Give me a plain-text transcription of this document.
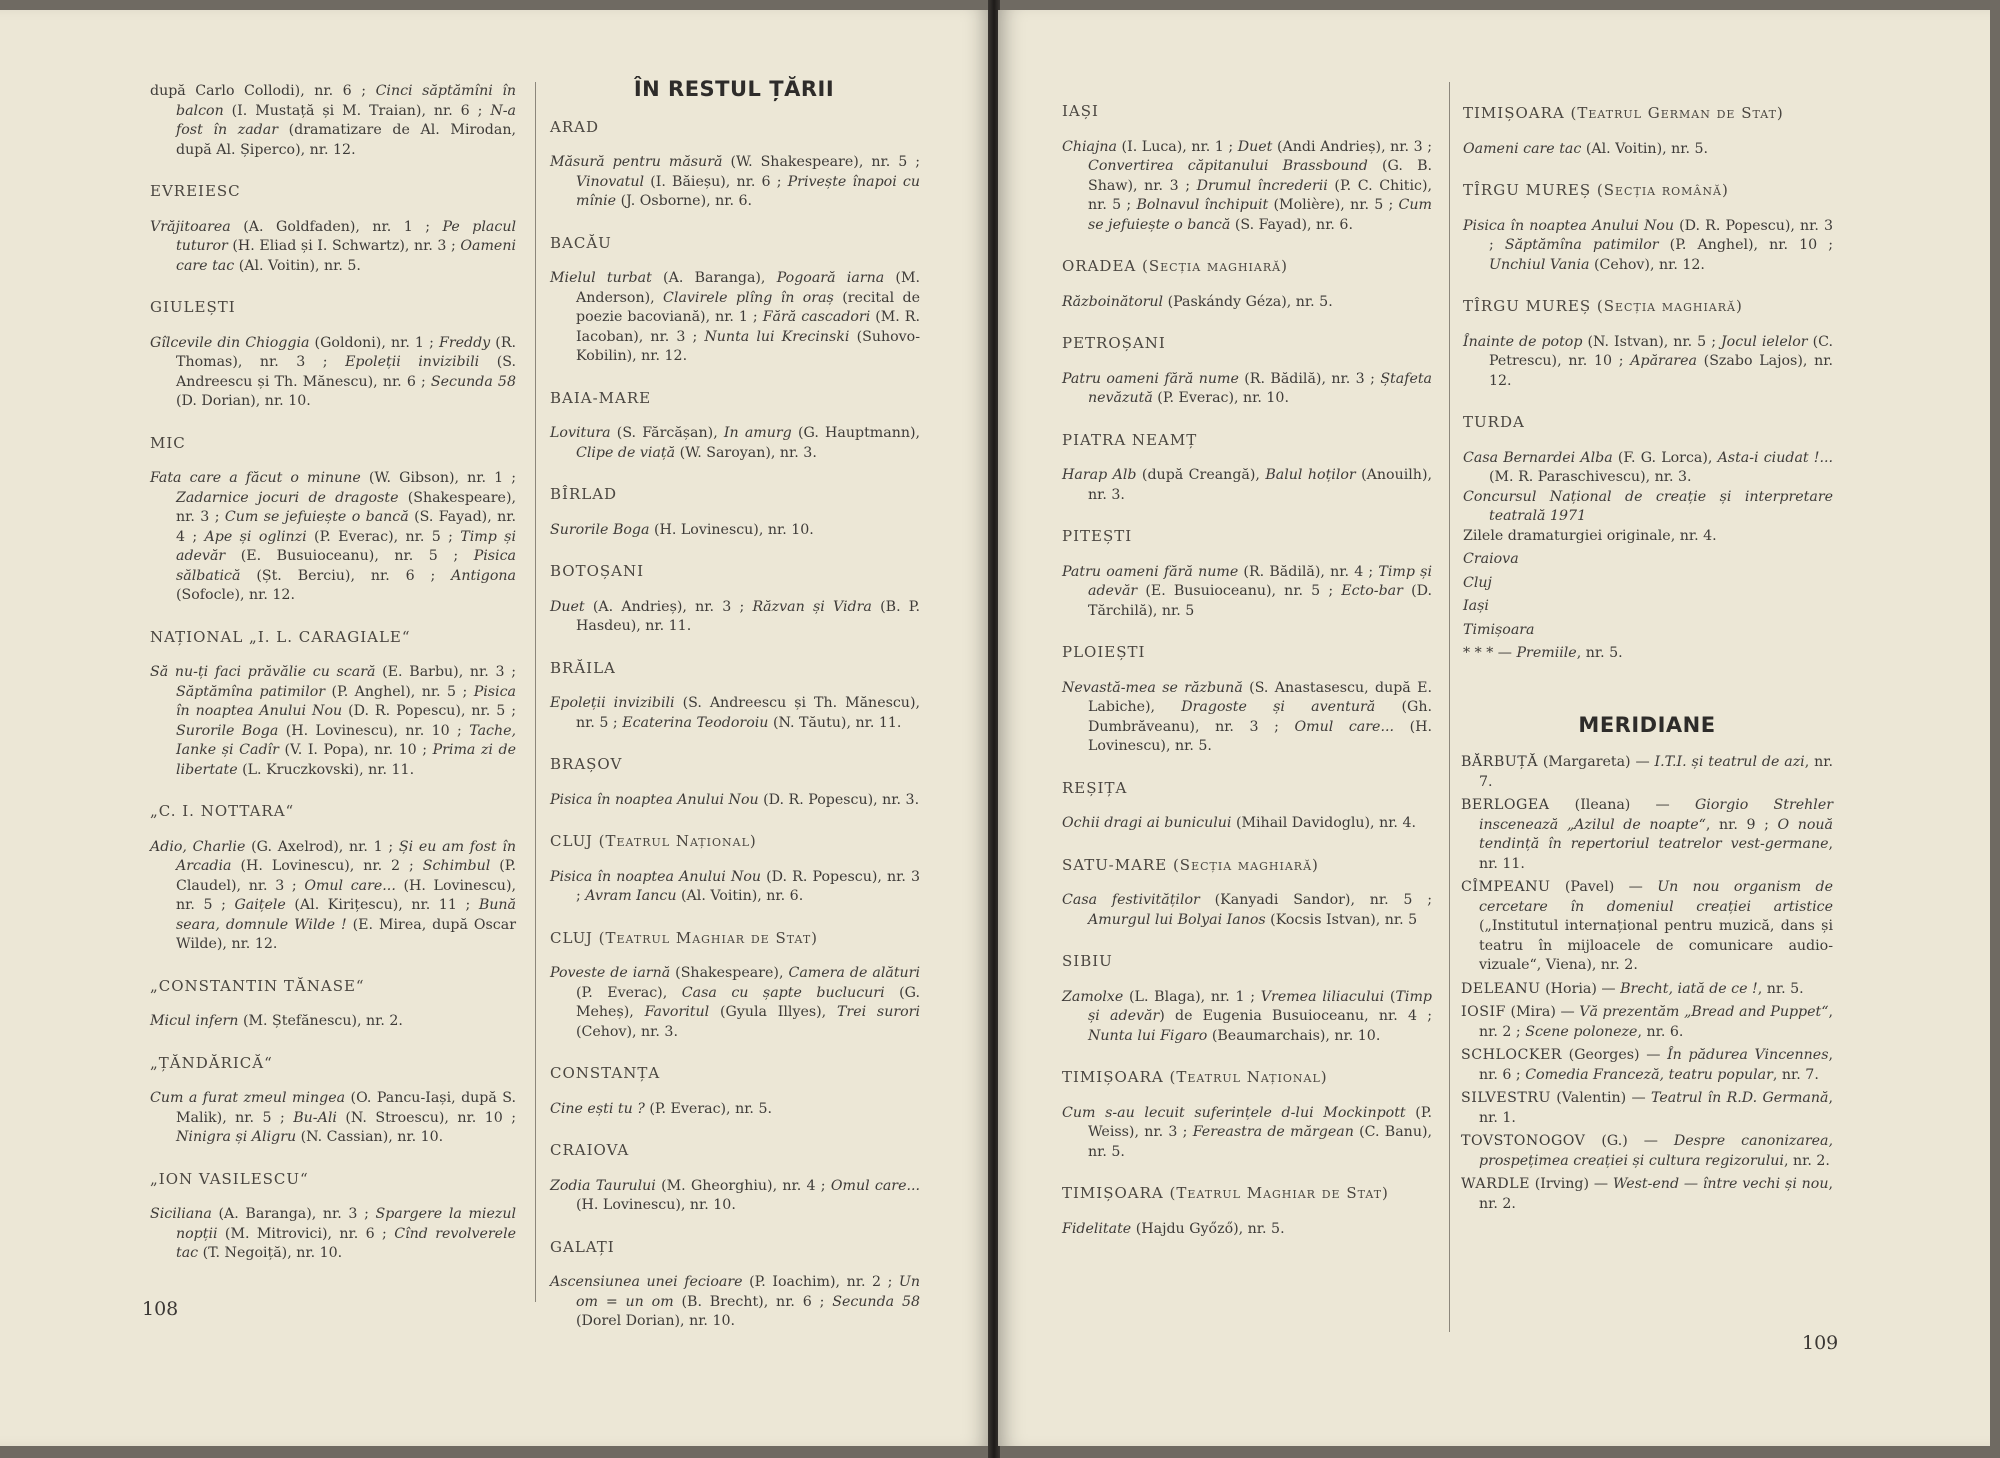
după Carlo Collodi), nr. 6 ; Cinci săptămîni în balcon (I. Mustață și M. Traian), nr. 6 ; N-a fost în zadar (dramatizare de Al. Mirodan, după Al. Șiperco), nr. 12.
EVREIESC
Vrăjitoarea (A. Goldfaden), nr. 1 ; Pe placul tuturor (H. Eliad și I. Schwartz), nr. 3 ; Oameni care tac (Al. Voitin), nr. 5.
GIULEȘTI
Gîlcevile din Chioggia (Goldoni), nr. 1 ; Freddy (R. Thomas), nr. 3 ; Epoleții invizibili (S. Andreescu și Th. Mănescu), nr. 6 ; Secunda 58 (D. Dorian), nr. 10.
MIC
Fata care a făcut o minune (W. Gibson), nr. 1 ; Zadarnice jocuri de dragoste (Shakespeare), nr. 3 ; Cum se jefuiește o bancă (S. Fayad), nr. 4 ; Ape și oglinzi (P. Everac), nr. 5 ; Timp și adevăr (E. Busuioceanu), nr. 5 ; Pisica sălbatică (Șt. Berciu), nr. 6 ; Antigona (Sofocle), nr. 12.
NAȚIONAL „I. L. CARAGIALE“
Să nu-ți faci prăvălie cu scară (E. Barbu), nr. 3 ; Săptămîna patimilor (P. Anghel), nr. 5 ; Pisica în noaptea Anului Nou (D. R. Popescu), nr. 5 ; Surorile Boga (H. Lovinescu), nr. 10 ; Tache, Ianke și Cadîr (V. I. Popa), nr. 10 ; Prima zi de libertate (L. Kruczkovski), nr. 11.
„C. I. NOTTARA“
Adio, Charlie (G. Axelrod), nr. 1 ; Și eu am fost în Arcadia (H. Lovinescu), nr. 2 ; Schimbul (P. Claudel), nr. 3 ; Omul care... (H. Lovinescu), nr. 5 ; Gaițele (Al. Kirițescu), nr. 11 ; Bună seara, domnule Wilde ! (E. Mirea, după Oscar Wilde), nr. 12.
„CONSTANTIN TĂNASE“
Micul infern (M. Ștefănescu), nr. 2.
„ȚĂNDĂRICĂ“
Cum a furat zmeul mingea (O. Pancu-Iași, după S. Malik), nr. 5 ; Bu-Ali (N. Stroescu), nr. 10 ; Ninigra și Aligru (N. Cassian), nr. 10.
„ION VASILESCU“
Siciliana (A. Baranga), nr. 3 ; Spargere la miezul nopții (M. Mitrovici), nr. 6 ; Cînd revolverele tac (T. Negoiță), nr. 10.
ÎN RESTUL ȚĂRII
ARAD
Măsură pentru măsură (W. Shakespeare), nr. 5 ; Vinovatul (I. Băieșu), nr. 6 ; Privește înapoi cu mînie (J. Osborne), nr. 6.
BACĂU
Mielul turbat (A. Baranga), Pogoară iarna (M. Anderson), Clavirele plîng în oraș (recital de poezie bacoviană), nr. 1 ; Fără cascadori (M. R. Iacoban), nr. 3 ; Nunta lui Krecinski (Suhovo-Kobilin), nr. 12.
BAIA-MARE
Lovitura (S. Fărcășan), In amurg (G. Hauptmann), Clipe de viață (W. Saroyan), nr. 3.
BÎRLAD
Surorile Boga (H. Lovinescu), nr. 10.
BOTOȘANI
Duet (A. Andrieș), nr. 3 ; Răzvan și Vidra (B. P. Hasdeu), nr. 11.
BRĂILA
Epoleții invizibili (S. Andreescu și Th. Mănescu), nr. 5 ; Ecaterina Teodoroiu (N. Tăutu), nr. 11.
BRAȘOV
Pisica în noaptea Anului Nou (D. R. Popescu), nr. 3.
CLUJ (Teatrul Național)
Pisica în noaptea Anului Nou (D. R. Popescu), nr. 3 ; Avram Iancu (Al. Voitin), nr. 6.
CLUJ (Teatrul Maghiar de Stat)
Poveste de iarnă (Shakespeare), Camera de alături (P. Everac), Casa cu șapte buclucuri (G. Meheș), Favoritul (Gyula Illyes), Trei surori (Cehov), nr. 3.
CONSTANȚA
Cine ești tu ? (P. Everac), nr. 5.
CRAIOVA
Zodia Taurului (M. Gheorghiu), nr. 4 ; Omul care... (H. Lovinescu), nr. 10.
GALAȚI
Ascensiunea unei fecioare (P. Ioachim), nr. 2 ; Un om = un om (B. Brecht), nr. 6 ; Secunda 58 (Dorel Dorian), nr. 10.
108
IAȘI
Chiajna (I. Luca), nr. 1 ; Duet (Andi Andrieș), nr. 3 ; Convertirea căpitanului Brassbound (G. B. Shaw), nr. 3 ; Drumul încrederii (P. C. Chitic), nr. 5 ; Bolnavul închipuit (Molière), nr. 5 ; Cum se jefuiește o bancă (S. Fayad), nr. 6.
ORADEA (Secția maghiară)
Războinătorul (Paskándy Géza), nr. 5.
PETROȘANI
Patru oameni fără nume (R. Bădilă), nr. 3 ; Ștafeta nevăzută (P. Everac), nr. 10.
PIATRA NEAMȚ
Harap Alb (după Creangă), Balul hoților (Anouilh), nr. 3.
PITEȘTI
Patru oameni fără nume (R. Bădilă), nr. 4 ; Timp și adevăr (E. Busuioceanu), nr. 5 ; Ecto-bar (D. Tărchilă), nr. 5
PLOIEȘTI
Nevastă-mea se răzbună (S. Anastasescu, după E. Labiche), Dragoste și aventură (Gh. Dumbrăveanu), nr. 3 ; Omul care... (H. Lovinescu), nr. 5.
REȘIȚA
Ochii dragi ai bunicului (Mihail Davidoglu), nr. 4.
SATU-MARE (Secția maghiară)
Casa festivităților (Kanyadi Sandor), nr. 5 ; Amurgul lui Bolyai Ianos (Kocsis Istvan), nr. 5
SIBIU
Zamolxe (L. Blaga), nr. 1 ; Vremea liliacului (Timp și adevăr) de Eugenia Busuioceanu, nr. 4 ; Nunta lui Figaro (Beaumarchais), nr. 10.
TIMIȘOARA (Teatrul Național)
Cum s-au lecuit suferințele d-lui Mockinpott (P. Weiss), nr. 3 ; Fereastra de mărgean (C. Banu), nr. 5.
TIMIȘOARA (Teatrul Maghiar de Stat)
Fidelitate (Hajdu Győző), nr. 5.
TIMIȘOARA (Teatrul German de Stat)
Oameni care tac (Al. Voitin), nr. 5.
TÎRGU MUREȘ (Secția română)
Pisica în noaptea Anului Nou (D. R. Popescu), nr. 3 ; Săptămîna patimilor (P. Anghel), nr. 10 ; Unchiul Vania (Cehov), nr. 12.
TÎRGU MUREȘ (Secția maghiară)
Înainte de potop (N. Istvan), nr. 5 ; Jocul ielelor (C. Petrescu), nr. 10 ; Apărarea (Szabo Lajos), nr. 12.
TURDA
Casa Bernardei Alba (F. G. Lorca), Asta-i ciudat !... (M. R. Paraschivescu), nr. 3.
Concursul Național de creație și interpretare teatrală 1971
Zilele dramaturgiei originale, nr. 4.
Craiova
Cluj
Iași
Timișoara
* * * — Premiile, nr. 5.
MERIDIANE
BĂRBUȚĂ (Margareta) — I.T.I. și teatrul de azi, nr. 7.
BERLOGEA (Ileana) — Giorgio Strehler inscenează „Azilul de noapte“, nr. 9 ; O nouă tendință în repertoriul teatrelor vest-germane, nr. 11.
CÎMPEANU (Pavel) — Un nou organism de cercetare în domeniul creației artistice („Institutul internațional pentru muzică, dans și teatru în mijloacele de comunicare audio-vizuale“, Viena), nr. 2.
DELEANU (Horia) — Brecht, iată de ce !, nr. 5.
IOSIF (Mira) — Vă prezentăm „Bread and Puppet“, nr. 2 ; Scene poloneze, nr. 6.
SCHLOCKER (Georges) — În pădurea Vincennes, nr. 6 ; Comedia Franceză, teatru popular, nr. 7.
SILVESTRU (Valentin) — Teatrul în R.D. Germană, nr. 1.
TOVSTONOGOV (G.) — Despre canonizarea, prospețimea creației și cultura regizorului, nr. 2.
WARDLE (Irving) — West-end — între vechi și nou, nr. 2.
109
